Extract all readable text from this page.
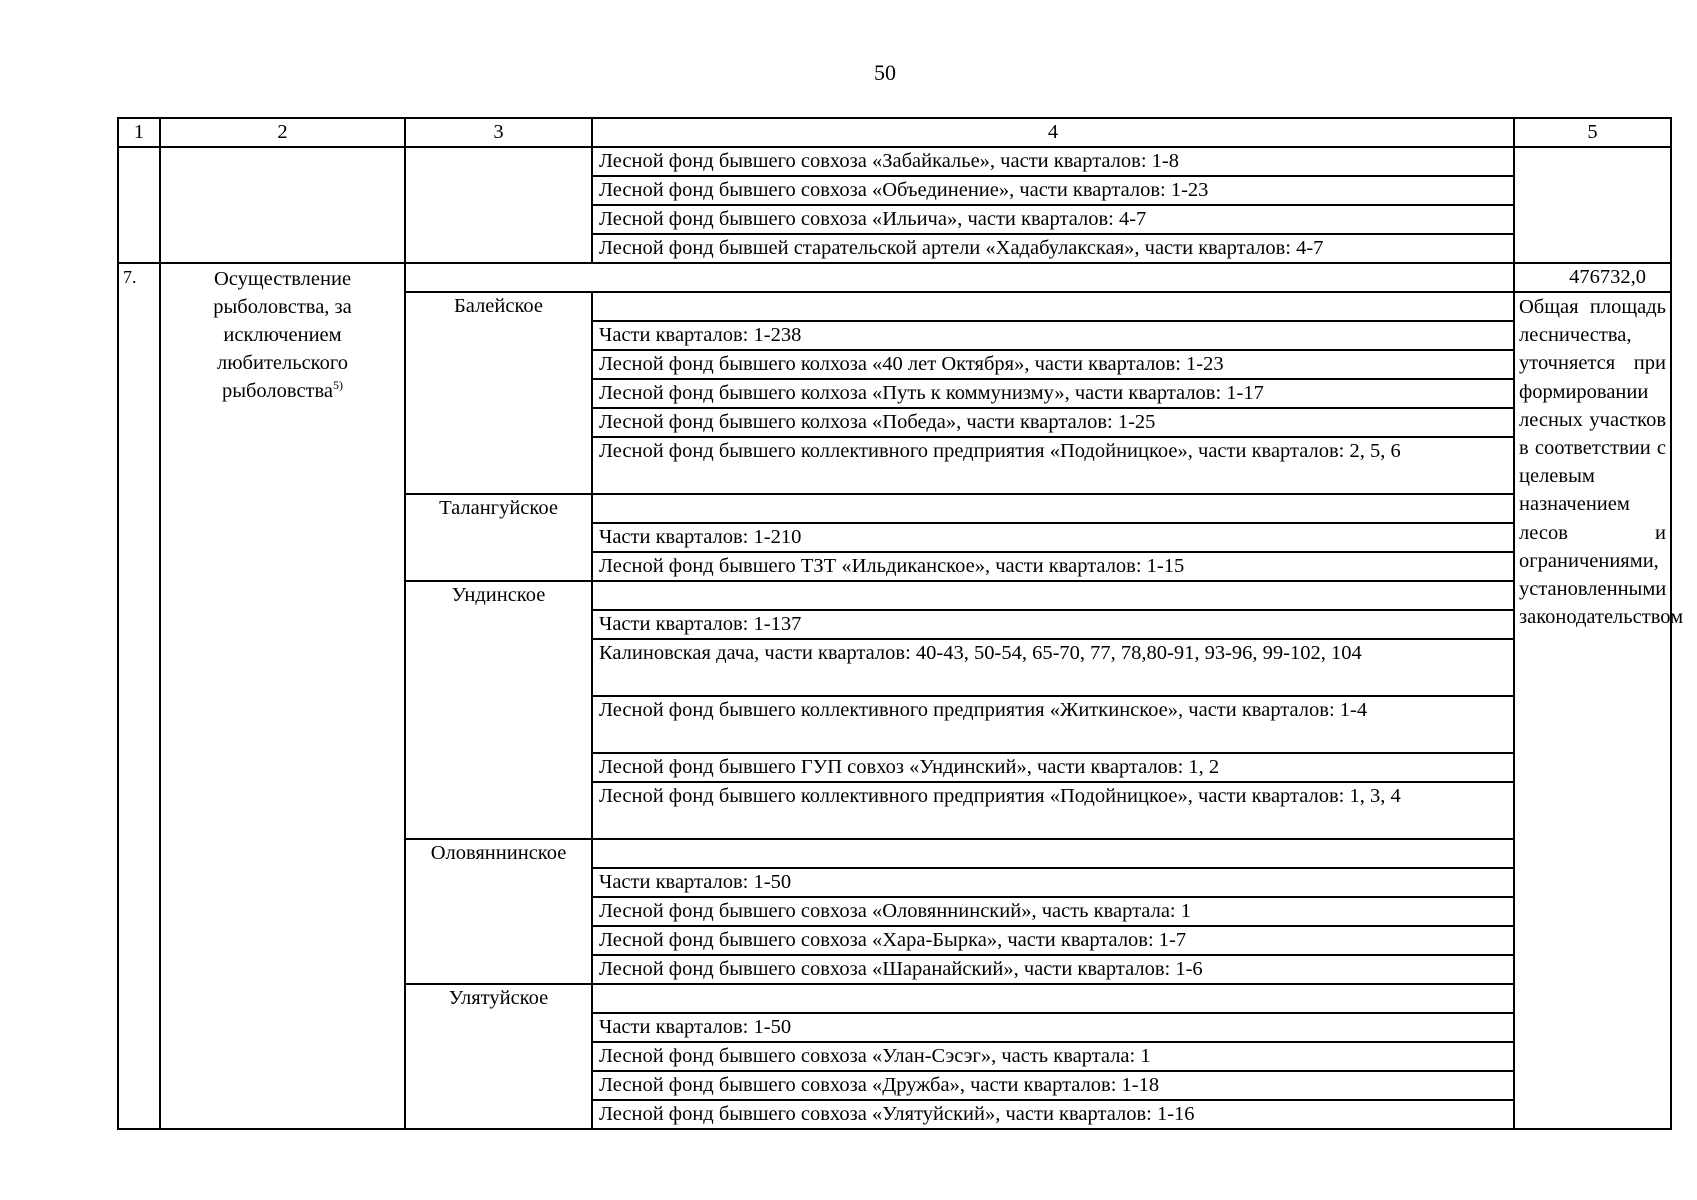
50
1	2	3	4	5
			Лесной фонд бывшего совхоза «Забайкалье», части кварталов: 1-8	
			Лесной фонд бывшего совхоза «Объединение», части кварталов: 1-23	
			Лесной фонд бывшего совхоза «Ильича», части кварталов: 4-7	
			Лесной фонд бывшей старательской артели «Хадабулакская», части кварталов: 4-7	
7.	Осуществление рыболовства, за исключением любительского рыболовства$^{5)}$			476732,0
		Балейское		Общая площадь лесничества, уточняется при формировании лесных участков в соответствии с целевым назначением лесов и ограничениями, установленными законодательством
			Части кварталов: 1-238	
			Лесной фонд бывшего колхоза «40 лет Октября», части кварталов: 1-23	
			Лесной фонд бывшего колхоза «Путь к коммунизму», части кварталов: 1-17	
			Лесной фонд бывшего колхоза «Победа», части кварталов: 1-25	
			Лесной фонд бывшего коллективного предприятия «Подойницкое», части кварталов: 2, 5, 6	
		Талангуйское		
			Части кварталов: 1-210	
			Лесной фонд бывшего ТЗТ «Ильдиканское», части кварталов: 1-15	
		Ундинское		
			Части кварталов: 1-137	
			Калиновская дача, части кварталов: 40-43, 50-54, 65-70, 77, 78,80-91, 93-96, 99-102, 104	
			Лесной фонд бывшего коллективного предприятия «Житкинское», части кварталов: 1-4	
			Лесной фонд бывшего ГУП совхоз «Ундинский», части кварталов: 1, 2	
			Лесной фонд бывшего коллективного предприятия «Подойницкое», части кварталов: 1, 3, 4	
		Оловяннинское		
			Части кварталов: 1-50	
			Лесной фонд бывшего совхоза «Оловяннинский», часть квартала: 1	
			Лесной фонд бывшего совхоза «Хара-Бырка», части кварталов: 1-7	
			Лесной фонд бывшего совхоза «Шаранайский», части кварталов: 1-6	
		Улятуйское		
			Части кварталов: 1-50	
			Лесной фонд бывшего совхоза «Улан-Сэсэг», часть квартала: 1	
			Лесной фонд бывшего совхоза «Дружба», части кварталов: 1-18	
			Лесной фонд бывшего совхоза «Улятуйский», части кварталов: 1-16	
